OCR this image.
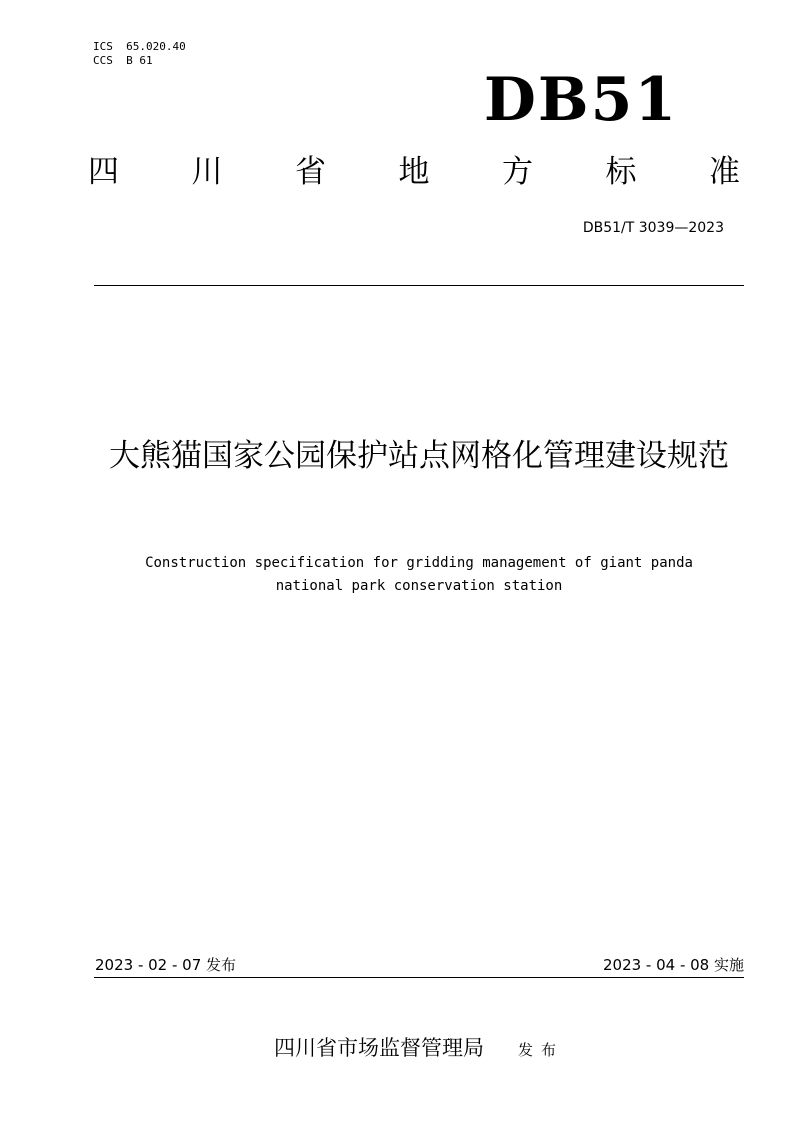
ICS  65.020.40
CCS  B 61
DB51
四 川 省 地 方 标 准
DB51/T 3039—2023
大熊猫国家公园保护站点网格化管理建设规范
Construction specification for gridding management of giant panda
national park conservation station
2023 - 02 - 07 发布	2023 - 04 - 08 实施
四川省市场监督管理局 发布
